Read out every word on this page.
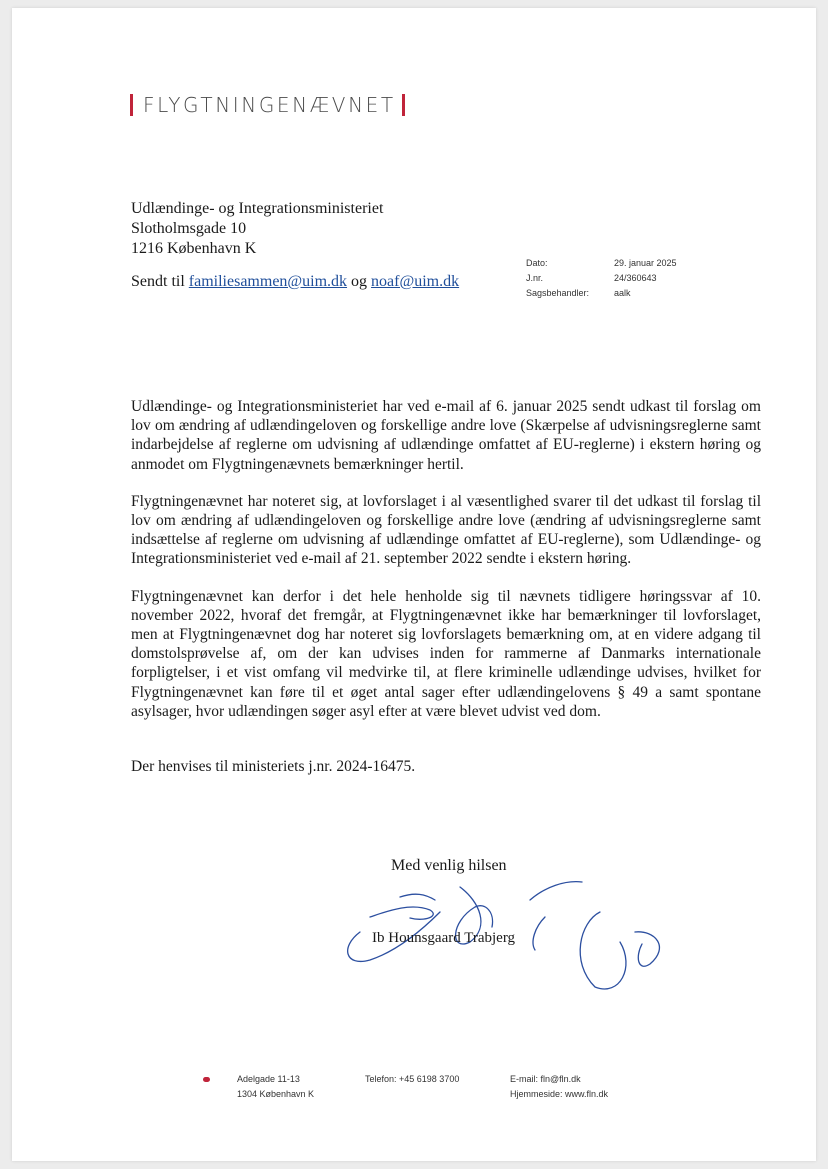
FLYGTNINGENÆVNET
Udlændinge- og Integrationsministeriet
Slotholmsgade 10
1216 København K
Sendt til familiesammen@uim.dk og noaf@uim.dk
Dato:	29. januar 2025
J.nr.	24/360643
Sagsbehandler:	aalk

Udlændinge- og Integrationsministeriet har ved e-mail af 6. januar 2025 sendt udkast til forslag om lov om ændring af udlændingeloven og forskellige andre love (Skærpelse af udvisningsreglerne samt indarbejdelse af reglerne om udvisning af udlændinge omfattet af EU-reglerne) i ekstern høring og anmodet om Flygtningenævnets bemærkninger hertil.

Flygtningenævnet har noteret sig, at lovforslaget i al væsentlighed svarer til det udkast til forslag til lov om ændring af udlændingeloven og forskellige andre love (ændring af udvisningsreglerne samt indsættelse af reglerne om udvisning af udlændinge omfattet af EU-reglerne), som Udlændinge- og Integrationsministeriet ved e-mail af 21. september 2022 sendte i ekstern høring.

Flygtningenævnet kan derfor i det hele henholde sig til nævnets tidligere høringssvar af 10. november 2022, hvoraf det fremgår, at Flygtningenævnet ikke har bemærkninger til lovforslaget, men at Flygtningenævnet dog har noteret sig lovforslagets bemærkning om, at en videre adgang til domstolsprøvelse af, om der kan udvises inden for rammerne af Danmarks internationale forpligtelser, i et vist omfang vil medvirke til, at flere kriminelle udlændinge udvises, hvilket for Flygtningenævnet kan føre til et øget antal sager efter udlændingelovens § 49 a samt spontane asylsager, hvor udlændingen søger asyl efter at være blevet udvist ved dom.

Der henvises til ministeriets j.nr. 2024-16475.

Med venlig hilsen
Ib Hounsgaard Trabjerg
Adelgade 11-13
1304 København K
Telefon: +45 6198 3700	E-mail: fln@fln.dk
Hjemmeside: www.fln.dk
